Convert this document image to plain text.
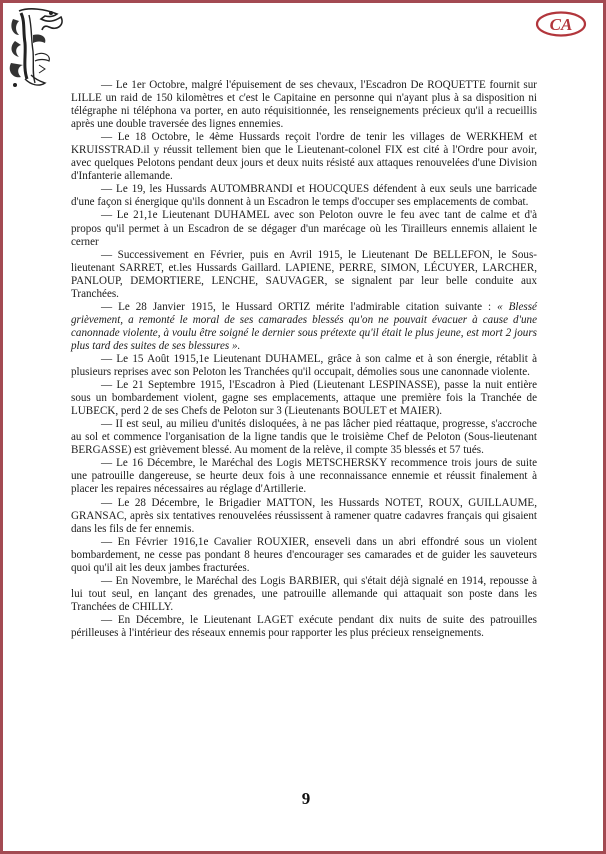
CA

— Le 1er Octobre, malgré l'épuisement de ses chevaux, l'Escadron De ROQUETTE fournit sur LILLE un raid de 150 kilomètres et c'est le Capitaine en personne qui n'ayant plus à sa disposition ni télégraphe ni téléphona va porter, en auto réquisitionnée, les renseignements précieux qu'il a recueillis après une double traversée des lignes ennemies.

— Le 18 Octobre, le 4ème Hussards reçoit l'ordre de tenir les villages de WERKHEM et KRUISSTRAD.il y réussit tellement bien que le Lieutenant-colonel FIX est cité à l'Ordre pour avoir, avec quelques Pelotons pendant deux jours et deux nuits résisté aux attaques renouvelées d'une Division d'Infanterie allemande.

— Le 19, les Hussards AUTOMBRANDI et HOUCQUES défendent à eux seuls une barricade d'une façon si énergique qu'ils donnent à un Escadron le temps d'occuper ses emplacements de combat.

— Le 21,1e Lieutenant DUHAMEL avec son Peloton ouvre le feu avec tant de calme et d'à propos qu'il permet à un Escadron de se dégager d'un marécage où les Tirailleurs ennemis allaient le cerner

— Successivement en Février, puis en Avril 1915, le Lieutenant De BELLEFON, le Sous-lieutenant SARRET, et.les Hussards Gaillard. LAPIENE, PERRE, SIMON, LÉCUYER, LARCHER, PANLOUP, DEMORTIERE, LENCHE, SAUVAGER, se signalent par leur belle conduite aux Tranchées.

— Le 28 Janvier 1915, le Hussard ORTIZ mérite l'admirable citation suivante : « Blessé grièvement, a remonté le moral de ses camarades blessés qu'on ne pouvait évacuer à cause d'une canonnade violente, à voulu être soigné le dernier sous prétexte qu'il était le plus jeune, est mort 2 jours plus tard des suites de ses blessures ».

— Le 15 Août 1915,1e Lieutenant DUHAMEL, grâce à son calme et à son énergie, rétablit à plusieurs reprises avec son Peloton les Tranchées qu'il occupait, démolies sous une canonnade violente.

— Le 21 Septembre 1915, l'Escadron à Pied (Lieutenant LESPINASSE), passe la nuit entière sous un bombardement violent, gagne ses emplacements, attaque une première fois la Tranchée de LUBECK, perd 2 de ses Chefs de Peloton sur 3 (Lieutenants BOULET et MAIER).

— II est seul, au milieu d'unités disloquées, à ne pas lâcher pied réattaque, progresse, s'accroche au sol et commence l'organisation de la ligne tandis que le troisième Chef de Peloton (Sous-lieutenant BERGASSE) est grièvement blessé. Au moment de la relève, il compte 35 blessés et 57 tués.

— Le 16 Décembre, le Maréchal des Logis METSCHERSKY recommence trois jours de suite une patrouille dangereuse, se heurte deux fois à une reconnaissance ennemie et réussit finalement à placer les repaires nécessaires au réglage d'Artillerie.

— Le 28 Décembre, le Brigadier MATTON, les Hussards NOTET, ROUX, GUILLAUME, GRANSAC, après six tentatives renouvelées réussissent à ramener quatre cadavres français qui gisaient dans les fils de fer ennemis.

— En Février 1916,1e Cavalier ROUXIER, enseveli dans un abri effondré sous un violent bombardement, ne cesse pas pondant 8 heures d'encourager ses camarades et de guider les sauveteurs quoi qu'il ait les deux jambes fracturées.

— En Novembre, le Maréchal des Logis BARBIER, qui s'était déjà signalé en 1914, repousse à lui tout seul, en lançant des grenades, une patrouille allemande qui attaquait son poste dans les Tranchées de CHILLY.

— En Décembre, le Lieutenant LAGET exécute pendant dix nuits de suite des patrouilles périlleuses à l'intérieur des réseaux ennemis pour rapporter les plus précieux renseignements.

9
